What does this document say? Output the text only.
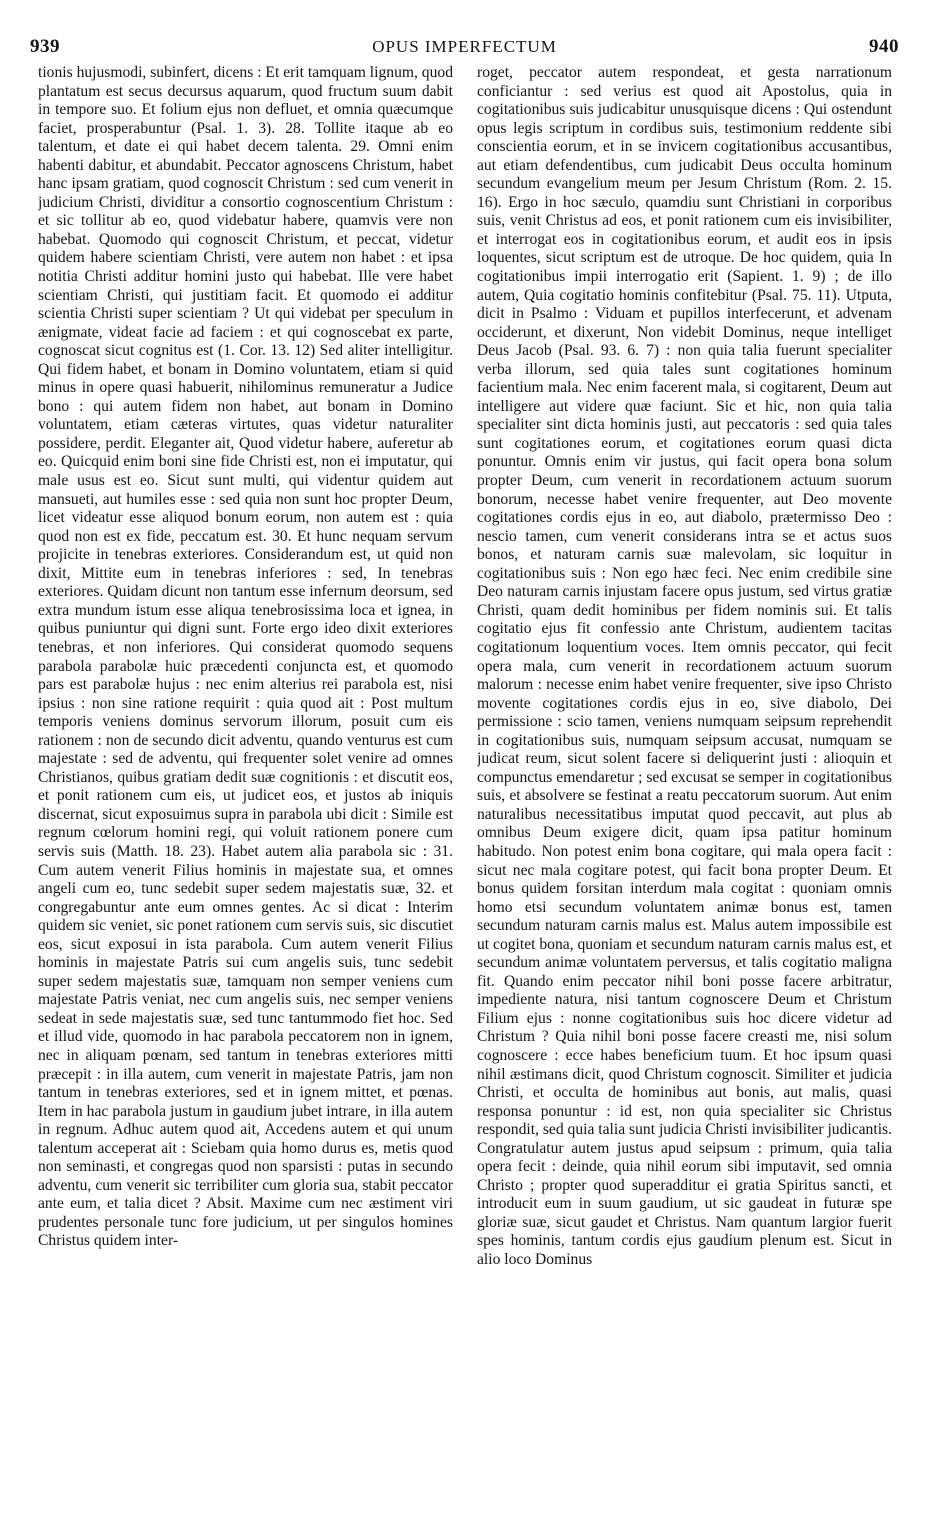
939	OPUS IMPERFECTUM	940

tionis hujusmodi, subinfert, dicens : Et erit tamquam lignum, quod plantatum est secus decursus aquarum, quod fructum suum dabit in tempore suo. Et folium ejus non defluet, et omnia quæcumque faciet, prosperabuntur (Psal. 1. 3). 28. Tollite itaque ab eo talentum, et date ei qui habet decem talenta. 29. Omni enim habenti dabitur, et abundabit. Peccator agnoscens Christum, habet hanc ipsam gratiam, quod cognoscit Christum : sed cum venerit in judicium Christi, dividitur a consortio cognoscentium Christum : et sic tollitur ab eo, quod videbatur habere, quamvis vere non habebat. Quomodo qui cognoscit Christum, et peccat, videtur quidem habere scientiam Christi, vere autem non habet : et ipsa notitia Christi additur homini justo qui habebat. Ille vere habet scientiam Christi, qui justitiam facit. Et quomodo ei additur scientia Christi super scientiam ? Ut qui videbat per speculum in ænigmate, videat facie ad faciem : et qui cognoscebat ex parte, cognoscat sicut cognitus est (1. Cor. 13. 12) Sed aliter intelligitur. Qui fidem habet, et bonam in Domino voluntatem, etiam si quid minus in opere quasi habuerit, nihilominus remuneratur a Judice bono : qui autem fidem non habet, aut bonam in Domino voluntatem, etiam cæteras virtutes, quas videtur naturaliter possidere, perdit. Eleganter ait, Quod videtur habere, auferetur ab eo. Quicquid enim boni sine fide Christi est, non ei imputatur, qui male usus est eo. Sicut sunt multi, qui videntur quidem aut mansueti, aut humiles esse : sed quia non sunt hoc propter Deum, licet videatur esse aliquod bonum eorum, non autem est : quia quod non est ex fide, peccatum est. 30. Et hunc nequam servum projicite in tenebras exteriores. Considerandum est, ut quid non dixit, Mittite eum in tenebras inferiores : sed, In tenebras exteriores. Quidam dicunt non tantum esse infernum deorsum, sed extra mundum istum esse aliqua tenebrosissima loca et ignea, in quibus puniuntur qui digni sunt. Forte ergo ideo dixit exteriores tenebras, et non inferiores. Qui considerat quomodo sequens parabola parabolæ huic præcedenti conjuncta est, et quomodo pars est parabolæ hujus : nec enim alterius rei parabola est, nisi ipsius : non sine ratione requirit : quia quod ait : Post multum temporis veniens dominus servorum illorum, posuit cum eis rationem : non de secundo dicit adventu, quando venturus est cum majestate : sed de adventu, qui frequenter solet venire ad omnes Christianos, quibus gratiam dedit suæ cognitionis : et discutit eos, et ponit rationem cum eis, ut judicet eos, et justos ab iniquis discernat, sicut exposuimus supra in parabola ubi dicit : Simile est regnum cœlorum homini regi, qui voluit rationem ponere cum servis suis (Matth. 18. 23). Habet autem alia parabola sic : 31. Cum autem venerit Filius hominis in majestate sua, et omnes angeli cum eo, tunc sedebit super sedem majestatis suæ, 32. et congregabuntur ante eum omnes gentes. Ac si dicat : Interim quidem sic veniet, sic ponet rationem cum servis suis, sic discutiet eos, sicut exposui in ista parabola. Cum autem venerit Filius hominis in majestate Patris sui cum angelis suis, tunc sedebit super sedem majestatis suæ, tamquam non semper veniens cum majestate Patris veniat, nec cum angelis suis, nec semper veniens sedeat in sede majestatis suæ, sed tunc tantummodo fiet hoc. Sed et illud vide, quomodo in hac parabola peccatorem non in ignem, nec in aliquam pœnam, sed tantum in tenebras exteriores mitti præcepit : in illa autem, cum venerit in majestate Patris, jam non tantum in tenebras exteriores, sed et in ignem mittet, et pœnas. Item in hac parabola justum in gaudium jubet intrare, in illa autem in regnum. Adhuc autem quod ait, Accedens autem et qui unum talentum acceperat ait : Sciebam quia homo durus es, metis quod non seminasti, et congregas quod non sparsisti : putas in secundo adventu, cum venerit sic terribiliter cum gloria sua, stabit peccator ante eum, et talia dicet ? Absit. Maxime cum nec æstiment viri prudentes personale tunc fore judicium, ut per singulos homines Christus quidem inter-

roget, peccator autem respondeat, et gesta narrationum conficiantur : sed verius est quod ait Apostolus, quia in cogitationibus suis judicabitur unusquisque dicens : Qui ostendunt opus legis scriptum in cordibus suis, testimonium reddente sibi conscientia eorum, et in se invicem cogitationibus accusantibus, aut etiam defendentibus, cum judicabit Deus occulta hominum secundum evangelium meum per Jesum Christum (Rom. 2. 15. 16). Ergo in hoc sæculo, quamdiu sunt Christiani in corporibus suis, venit Christus ad eos, et ponit rationem cum eis invisibiliter, et interrogat eos in cogitationibus eorum, et audit eos in ipsis loquentes, sicut scriptum est de utroque. De hoc quidem, quia In cogitationibus impii interrogatio erit (Sapient. 1. 9) ; de illo autem, Quia cogitatio hominis confitebitur (Psal. 75. 11). Utputa, dicit in Psalmo : Viduam et pupillos interfecerunt, et advenam occiderunt, et dixerunt, Non videbit Dominus, neque intelliget Deus Jacob (Psal. 93. 6. 7) : non quia talia fuerunt specialiter verba illorum, sed quia tales sunt cogitationes hominum facientium mala. Nec enim facerent mala, si cogitarent, Deum aut intelligere aut videre quæ faciunt. Sic et hic, non quia talia specialiter sint dicta hominis justi, aut peccatoris : sed quia tales sunt cogitationes eorum, et cogitationes eorum quasi dicta ponuntur. Omnis enim vir justus, qui facit opera bona solum propter Deum, cum venerit in recordationem actuum suorum bonorum, necesse habet venire frequenter, aut Deo movente cogitationes cordis ejus in eo, aut diabolo, prætermisso Deo : nescio tamen, cum venerit considerans intra se et actus suos bonos, et naturam carnis suæ malevolam, sic loquitur in cogitationibus suis : Non ego hæc feci. Nec enim credibile sine Deo naturam carnis injustam facere opus justum, sed virtus gratiæ Christi, quam dedit hominibus per fidem nominis sui. Et talis cogitatio ejus fit confessio ante Christum, audientem tacitas cogitationum loquentium voces. Item omnis peccator, qui fecit opera mala, cum venerit in recordationem actuum suorum malorum : necesse enim habet venire frequenter, sive ipso Christo movente cogitationes cordis ejus in eo, sive diabolo, Dei permissione : scio tamen, veniens numquam seipsum reprehendit in cogitationibus suis, numquam seipsum accusat, numquam se judicat reum, sicut solent facere si deliquerint justi : alioquin et compunctus emendaretur ; sed excusat se semper in cogitationibus suis, et absolvere se festinat a reatu peccatorum suorum. Aut enim naturalibus necessitatibus imputat quod peccavit, aut plus ab omnibus Deum exigere dicit, quam ipsa patitur hominum habitudo. Non potest enim bona cogitare, qui mala opera facit : sicut nec mala cogitare potest, qui facit bona propter Deum. Et bonus quidem forsitan interdum mala cogitat : quoniam omnis homo etsi secundum voluntatem animæ bonus est, tamen secundum naturam carnis malus est. Malus autem impossibile est ut cogitet bona, quoniam et secundum naturam carnis malus est, et secundum animæ voluntatem perversus, et talis cogitatio maligna fit. Quando enim peccator nihil boni posse facere arbitratur, impediente natura, nisi tantum cognoscere Deum et Christum Filium ejus : nonne cogitationibus suis hoc dicere videtur ad Christum ? Quia nihil boni posse facere creasti me, nisi solum cognoscere : ecce habes beneficium tuum. Et hoc ipsum quasi nihil æstimans dicit, quod Christum cognoscit. Similiter et judicia Christi, et occulta de hominibus aut bonis, aut malis, quasi responsa ponuntur : id est, non quia specialiter sic Christus respondit, sed quia talia sunt judicia Christi invisibiliter judicantis. Congratulatur autem justus apud seipsum : primum, quia talia opera fecit : deinde, quia nihil eorum sibi imputavit, sed omnia Christo ; propter quod superadditur ei gratia Spiritus sancti, et introducit eum in suum gaudium, ut sic gaudeat in futuræ spe gloriæ suæ, sicut gaudet et Christus. Nam quantum largior fuerit spes hominis, tantum cordis ejus gaudium plenum est. Sicut in alio loco Dominus
